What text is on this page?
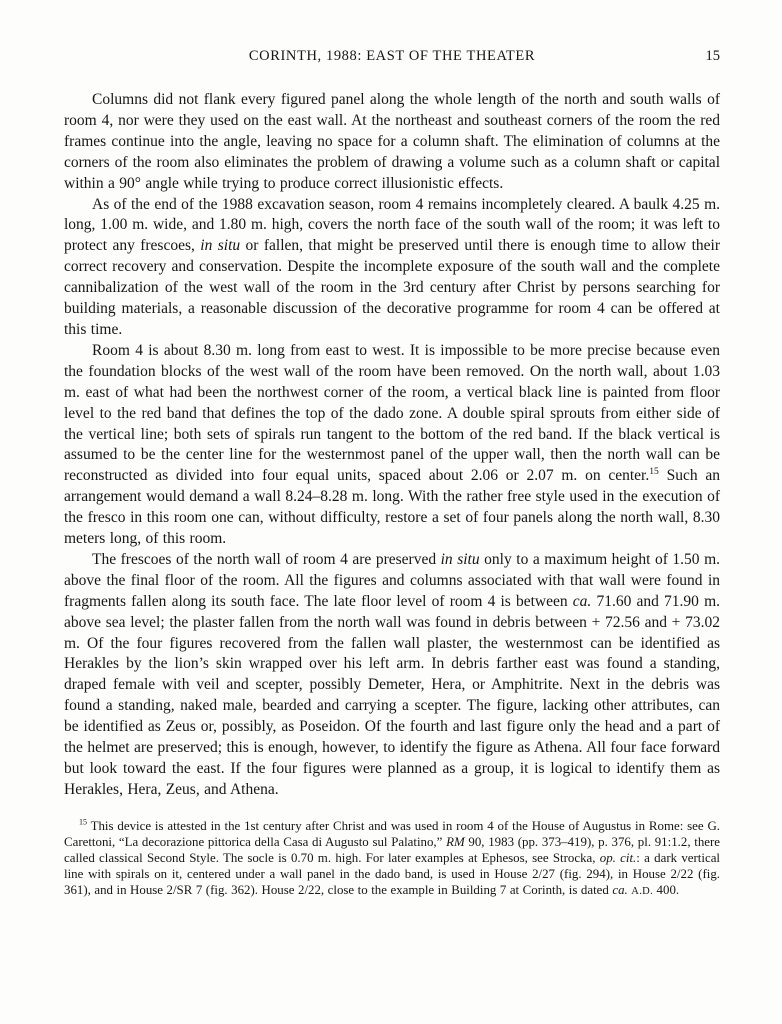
CORINTH, 1988: EAST OF THE THEATER	15

Columns did not flank every figured panel along the whole length of the north and south walls of room 4, nor were they used on the east wall. At the northeast and southeast corners of the room the red frames continue into the angle, leaving no space for a column shaft. The elimination of columns at the corners of the room also eliminates the problem of drawing a volume such as a column shaft or capital within a 90° angle while trying to produce correct illusionistic effects.

As of the end of the 1988 excavation season, room 4 remains incompletely cleared. A baulk 4.25 m. long, 1.00 m. wide, and 1.80 m. high, covers the north face of the south wall of the room; it was left to protect any frescoes, in situ or fallen, that might be preserved until there is enough time to allow their correct recovery and conservation. Despite the incomplete exposure of the south wall and the complete cannibalization of the west wall of the room in the 3rd century after Christ by persons searching for building materials, a reasonable discussion of the decorative programme for room 4 can be offered at this time.

Room 4 is about 8.30 m. long from east to west. It is impossible to be more precise because even the foundation blocks of the west wall of the room have been removed. On the north wall, about 1.03 m. east of what had been the northwest corner of the room, a vertical black line is painted from floor level to the red band that defines the top of the dado zone. A double spiral sprouts from either side of the vertical line; both sets of spirals run tangent to the bottom of the red band. If the black vertical is assumed to be the center line for the westernmost panel of the upper wall, then the north wall can be reconstructed as divided into four equal units, spaced about 2.06 or 2.07 m. on center.$^{15}$ Such an arrangement would demand a wall 8.24–8.28 m. long. With the rather free style used in the execution of the fresco in this room one can, without difficulty, restore a set of four panels along the north wall, 8.30 meters long, of this room.

The frescoes of the north wall of room 4 are preserved in situ only to a maximum height of 1.50 m. above the final floor of the room. All the figures and columns associated with that wall were found in fragments fallen along its south face. The late floor level of room 4 is between ca. 71.60 and 71.90 m. above sea level; the plaster fallen from the north wall was found in debris between + 72.56 and + 73.02 m. Of the four figures recovered from the fallen wall plaster, the westernmost can be identified as Herakles by the lion’s skin wrapped over his left arm. In debris farther east was found a standing, draped female with veil and scepter, possibly Demeter, Hera, or Amphitrite. Next in the debris was found a standing, naked male, bearded and carrying a scepter. The figure, lacking other attributes, can be identified as Zeus or, possibly, as Poseidon. Of the fourth and last figure only the head and a part of the helmet are preserved; this is enough, however, to identify the figure as Athena. All four face forward but look toward the east. If the four figures were planned as a group, it is logical to identify them as Herakles, Hera, Zeus, and Athena.

$^{15}$ This device is attested in the 1st century after Christ and was used in room 4 of the House of Augustus in Rome: see G. Carettoni, “La decorazione pittorica della Casa di Augusto sul Palatino,” RM 90, 1983 (pp. 373–419), p. 376, pl. 91:1.2, there called classical Second Style. The socle is 0.70 m. high. For later examples at Ephesos, see Strocka, op. cit.: a dark vertical line with spirals on it, centered under a wall panel in the dado band, is used in House 2/27 (fig. 294), in House 2/22 (fig. 361), and in House 2/SR 7 (fig. 362). House 2/22, close to the example in Building 7 at Corinth, is dated ca. A.D. 400.
